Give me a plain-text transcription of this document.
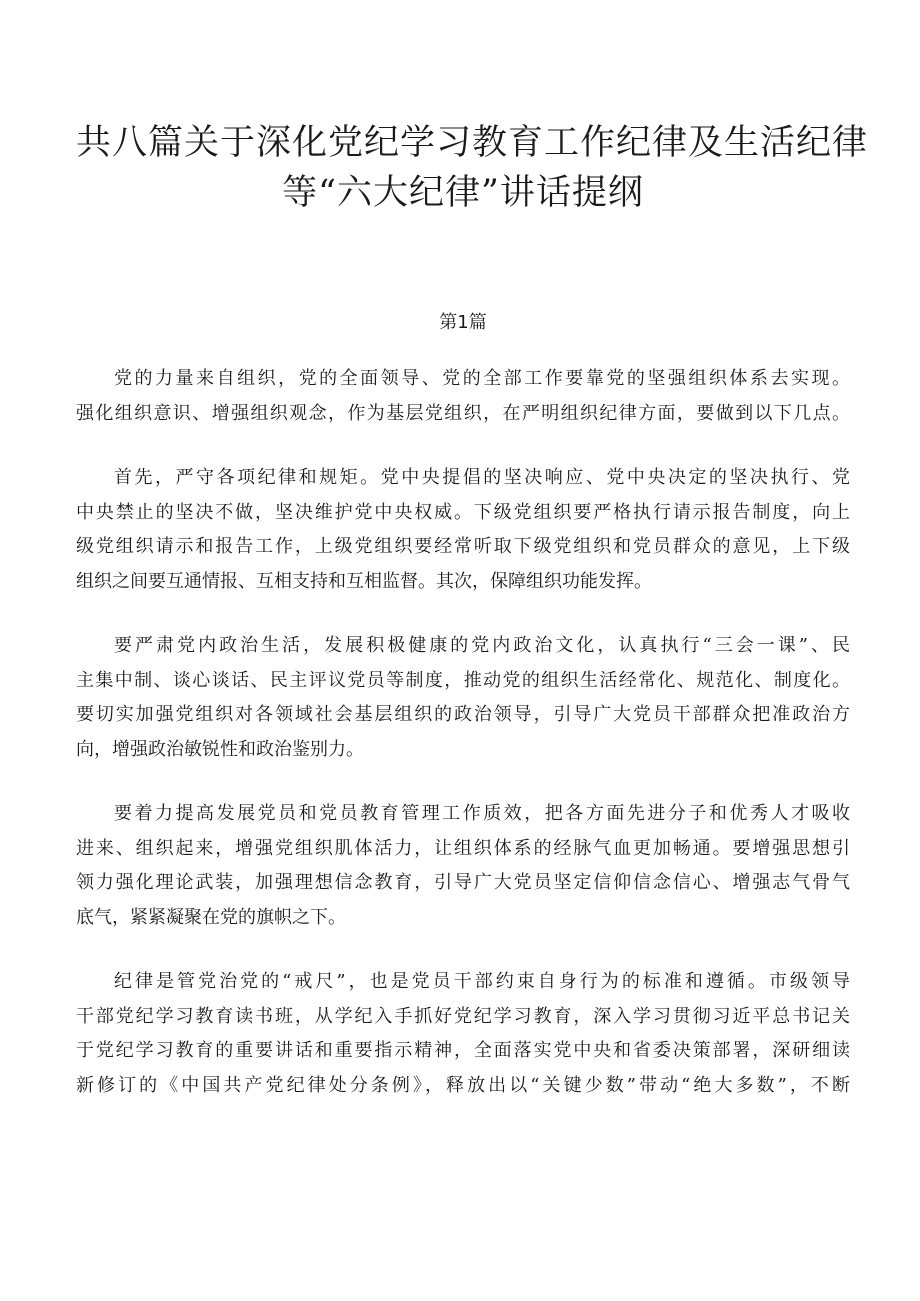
共八篇关于深化党纪学习教育工作纪律及生活纪律
等“六大纪律”讲话提纲
第1篇

党的力量来自组织，党的全面领导、党的全部工作要靠党的坚强组织体系去实现。
强化组织意识、增强组织观念，作为基层党组织，在严明组织纪律方面，要做到以下几点。

首先，严守各项纪律和规矩。党中央提倡的坚决响应、党中央决定的坚决执行、党
中央禁止的坚决不做，坚决维护党中央权威。下级党组织要严格执行请示报告制度，向上
级党组织请示和报告工作，上级党组织要经常听取下级党组织和党员群众的意见，上下级
组织之间要互通情报、互相支持和互相监督。其次，保障组织功能发挥。

要严肃党内政治生活，发展积极健康的党内政治文化，认真执行“三会一课”、民
主集中制、谈心谈话、民主评议党员等制度，推动党的组织生活经常化、规范化、制度化。
要切实加强党组织对各领域社会基层组织的政治领导，引导广大党员干部群众把准政治方
向，增强政治敏锐性和政治鉴别力。

要着力提高发展党员和党员教育管理工作质效，把各方面先进分子和优秀人才吸收
进来、组织起来，增强党组织肌体活力，让组织体系的经脉气血更加畅通。要增强思想引
领力强化理论武装，加强理想信念教育，引导广大党员坚定信仰信念信心、增强志气骨气
底气，紧紧凝聚在党的旗帜之下。

纪律是管党治党的“戒尺”，也是党员干部约束自身行为的标准和遵循。市级领导
干部党纪学习教育读书班，从学纪入手抓好党纪学习教育，深入学习贯彻习近平总书记关
于党纪学习教育的重要讲话和重要指示精神，全面落实党中央和省委决策部署，深研细读
新修订的《中国共产党纪律处分条例》，释放出以“关键少数”带动“绝大多数”，不断
